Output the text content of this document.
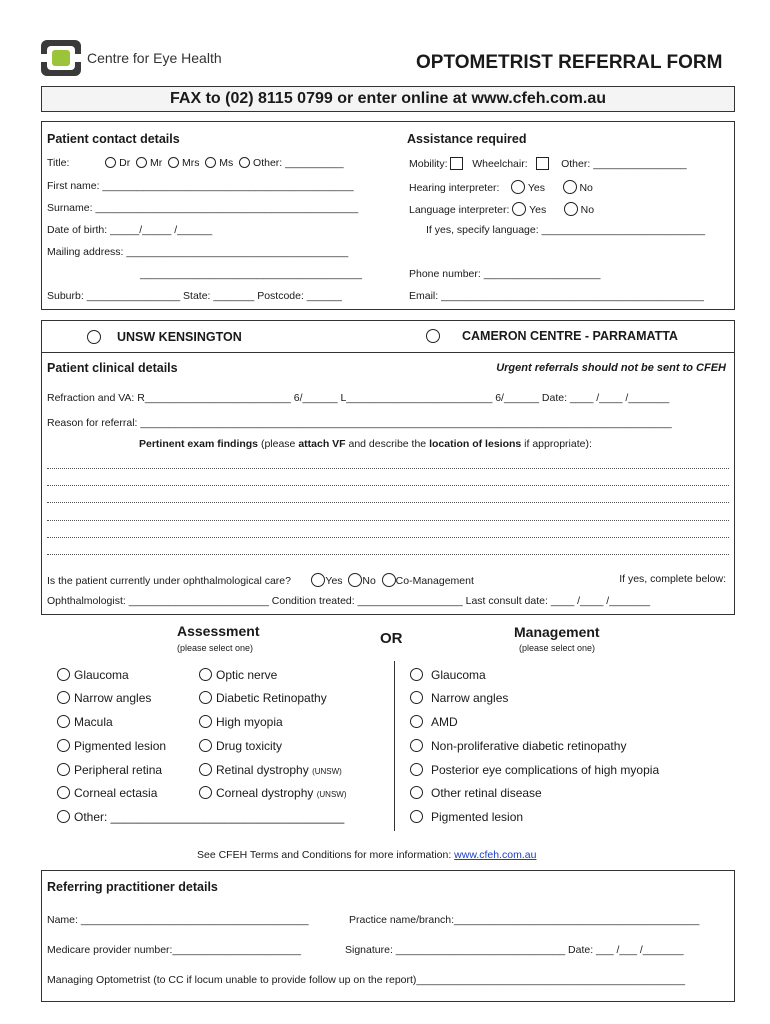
Centre for Eye Health	OPTOMETRIST REFERRAL FORM
FAX to (02) 8115 0799 or enter online at www.cfeh.com.au
Patient contact details
Title:	Dr Mr Mrs Ms Other: __________
First name: ___________________________________________
Surname: _____________________________________________
Date of birth: _____/_____ /______
Mailing address: ______________________________________
______________________________________
Suburb: ________________ State: _______ Postcode: ______
Assistance required
Mobility: Wheelchair:	Other: ________________
Hearing interpreter:	Yes	No
Language interpreter: Yes	No
If yes, specify language: ____________________________
Phone number: ____________________
Email: _____________________________________________
UNSW KENSINGTON	CAMERON CENTRE - PARRAMATTA
Patient clinical details	Urgent referrals should not be sent to CFEH
Refraction and VA: R_________________________ 6/______ L_________________________ 6/______ Date: ____ /____ /_______
Reason for referral: ___________________________________________________________________________________________
Pertinent exam findings (please attach VF and describe the location of lesions if appropriate):
Is the patient currently under ophthalmological care?	Yes No Co-Management	If yes, complete below:
Ophthalmologist: ________________________ Condition treated: __________________ Last consult date: ____ /____ /_______
Assessment
(please select one)
OR	Management
(please select one)
Glaucoma
Narrow angles
Macula
Pigmented lesion
Peripheral retina
Corneal ectasia
Other: ___________________________________
Optic nerve
Diabetic Retinopathy
High myopia
Drug toxicity
Retinal dystrophy (UNSW)
Corneal dystrophy (UNSW)
Glaucoma
Narrow angles
AMD
Non-proliferative diabetic retinopathy
Posterior eye complications of high myopia
Other retinal disease
Pigmented lesion
See CFEH Terms and Conditions for more information: www.cfeh.com.au
Referring practitioner details
Name: _______________________________________	Practice name/branch:__________________________________________
Medicare provider number:______________________	Signature: _____________________________ Date: ___ /___ /_______
Managing Optometrist (to CC if locum unable to provide follow up on the report)______________________________________________
